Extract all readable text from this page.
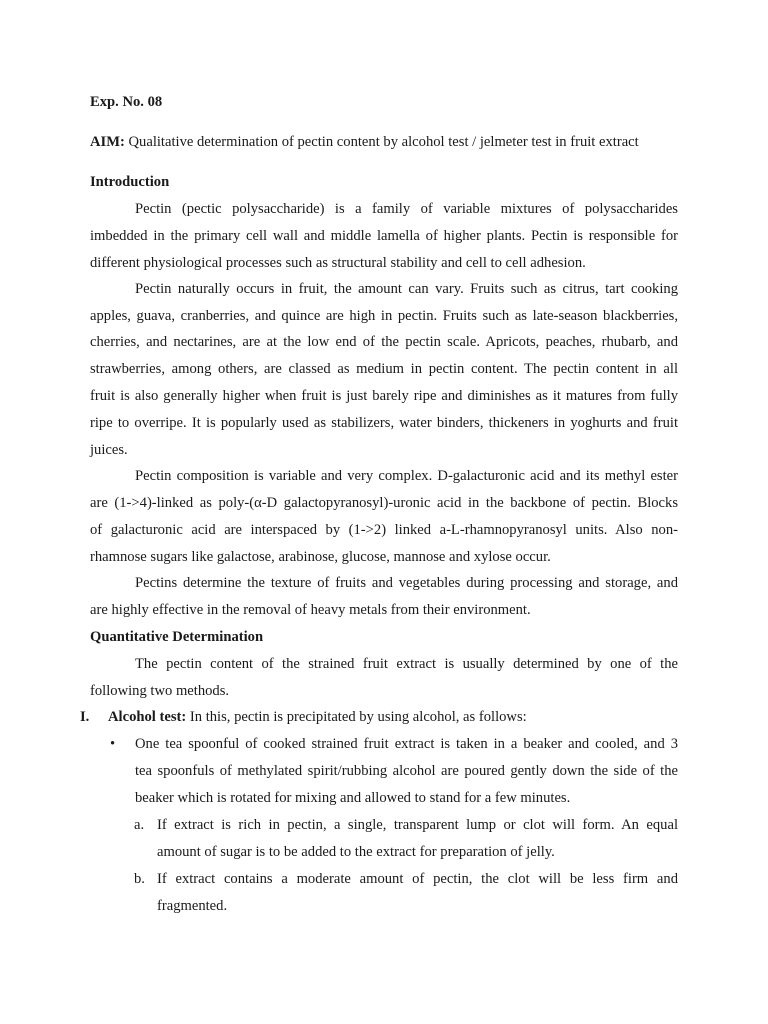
Exp. No. 08
AIM: Qualitative determination of pectin content by alcohol test / jelmeter test in fruit extract
Introduction
Pectin (pectic polysaccharide) is a family of variable mixtures of polysaccharides
imbedded in the primary cell wall and middle lamella of higher plants. Pectin is responsible for
different physiological processes such as structural stability and cell to cell adhesion.
Pectin naturally occurs in fruit, the amount can vary. Fruits such as citrus, tart cooking
apples, guava, cranberries, and quince are high in pectin. Fruits such as late-season blackberries,
cherries, and nectarines, are at the low end of the pectin scale. Apricots, peaches, rhubarb, and
strawberries, among others, are classed as medium in pectin content. The pectin content in all
fruit is also generally higher when fruit is just barely ripe and diminishes as it matures from fully
ripe to overripe. It is popularly used as stabilizers, water binders, thickeners in yoghurts and fruit
juices.
Pectin composition is variable and very complex. D-galacturonic acid and its methyl ester
are (1->4)-linked as poly-(α-D galactopyranosyl)-uronic acid in the backbone of pectin. Blocks
of galacturonic acid are interspaced by (1->2) linked a-L-rhamnopyranosyl units. Also non-
rhamnose sugars like galactose, arabinose, glucose, mannose and xylose occur.
Pectins determine the texture of fruits and vegetables during processing and storage, and
are highly effective in the removal of heavy metals from their environment.
Quantitative Determination
The pectin content of the strained fruit extract is usually determined by one of the
following two methods.
I. Alcohol test: In this, pectin is precipitated by using alcohol, as follows:
• One tea spoonful of cooked strained fruit extract is taken in a beaker and cooled, and 3
tea spoonfuls of methylated spirit/rubbing alcohol are poured gently down the side of the
beaker which is rotated for mixing and allowed to stand for a few minutes.
a. If extract is rich in pectin, a single, transparent lump or clot will form. An equal
amount of sugar is to be added to the extract for preparation of jelly.
b. If extract contains a moderate amount of pectin, the clot will be less firm and
fragmented.
